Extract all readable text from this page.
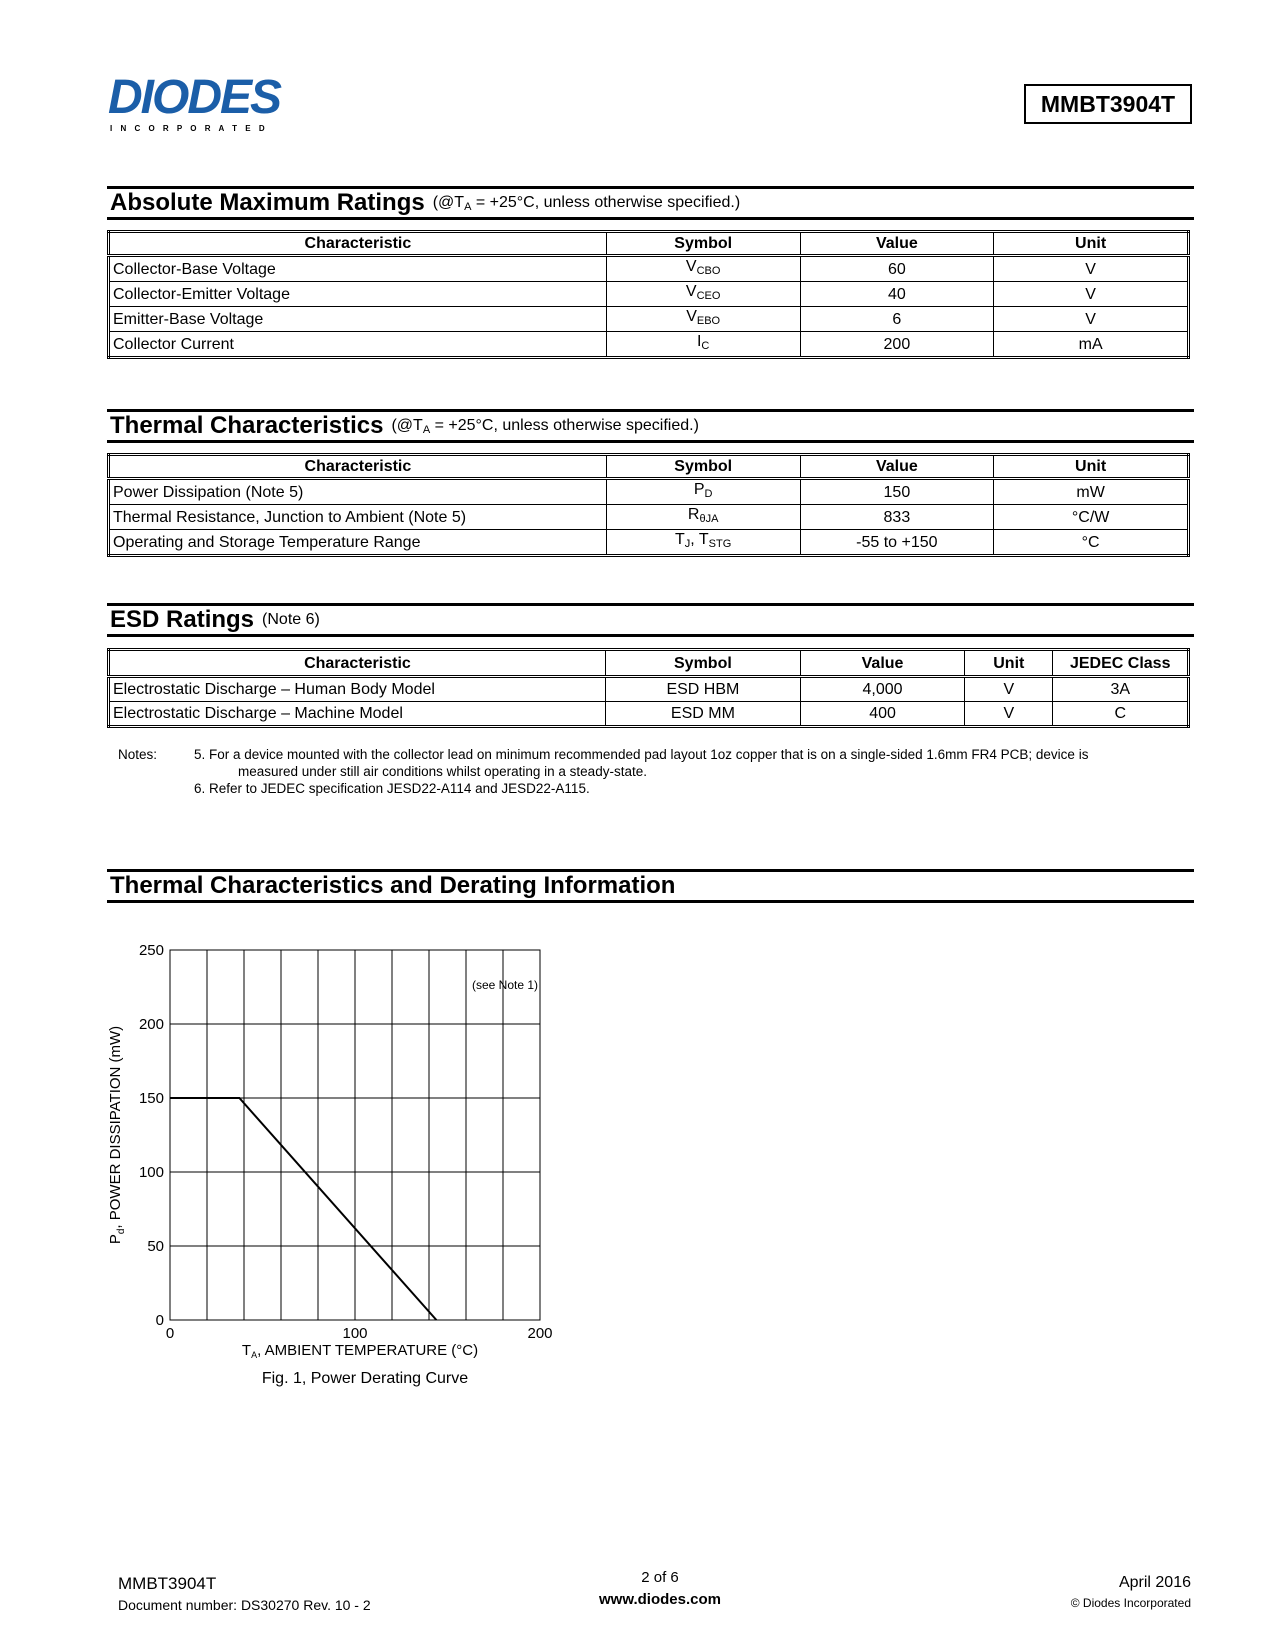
DIODES
I N C O R P O R A T E D
MMBT3904T
Absolute Maximum Ratings ($@T_A = +25^\circ C$, unless otherwise specified.)
Characteristic	Symbol	Value	Unit
Collector-Base Voltage	$V_{CBO}$	60	V
Collector-Emitter Voltage	$V_{CEO}$	40	V
Emitter-Base Voltage	$V_{EBO}$	6	V
Collector Current	$I_C$	200	mA
Thermal Characteristics ($@T_A = +25^\circ C$, unless otherwise specified.)
Characteristic	Symbol	Value	Unit
Power Dissipation (Note 5)	$P_D$	150	mW
Thermal Resistance, Junction to Ambient (Note 5)	$R_{\theta JA}$	833	°C/W
Operating and Storage Temperature Range	$T_J$, $T_{STG}$	-55 to +150	°C
ESD Ratings (Note 6)
Characteristic	Symbol	Value	Unit	JEDEC Class
Electrostatic Discharge – Human Body Model	ESD HBM	4,000	V	3A
Electrostatic Discharge – Machine Model	ESD MM	400	V	C
Notes:	5. For a device mounted with the collector lead on minimum recommended pad layout 1oz copper that is on a single-sided 1.6mm FR4 PCB; device is
measured under still air conditions whilst operating in a steady-state.
6. Refer to JEDEC specification JESD22-A114 and JESD22-A115.
Thermal Characteristics and Derating Information
0
50
100
150
200
250
0	100	200
(see Note 1)
$P_d$, POWER DISSIPATION (mW)
$T_A$, AMBIENT TEMPERATURE (°C)
Fig. 1, Power Derating Curve
MMBT3904T
Document number: DS30270 Rev. 10 - 2
2 of 6
www.diodes.com
April 2016
© Diodes Incorporated
